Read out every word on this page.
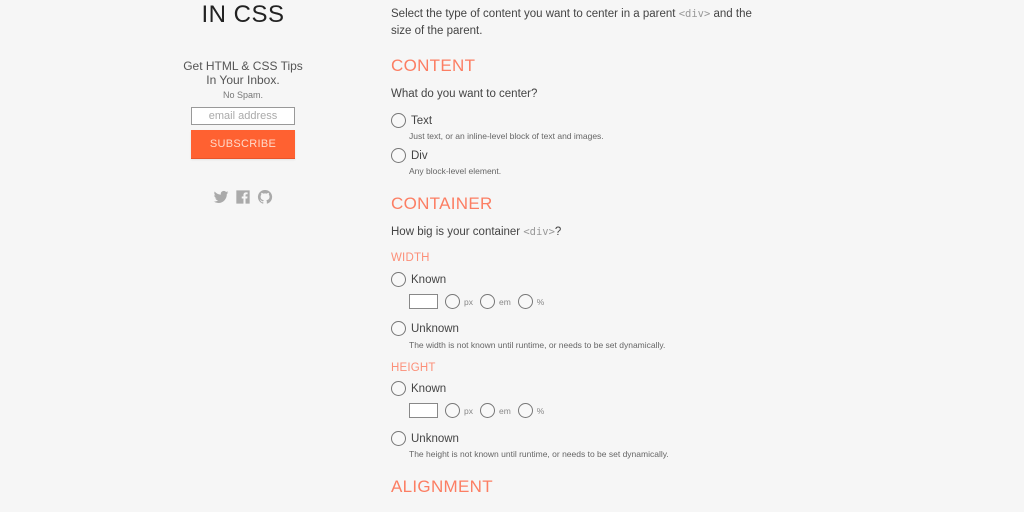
IN CSS
Get HTML & CSS Tips
In Your Inbox.
No Spam.
email address
SUBSCRIBE
Select the type of content you want to center in a parent <div> and the size of the parent.
CONTENT
What do you want to center?
Text
Just text, or an inline-level block of text and images.
Div
Any block-level element.
CONTAINER
How big is your container <div>?
WIDTH
Known
px	em	%
Unknown
The width is not known until runtime, or needs to be set dynamically.
HEIGHT
Known
px	em	%
Unknown
The height is not known until runtime, or needs to be set dynamically.
ALIGNMENT
